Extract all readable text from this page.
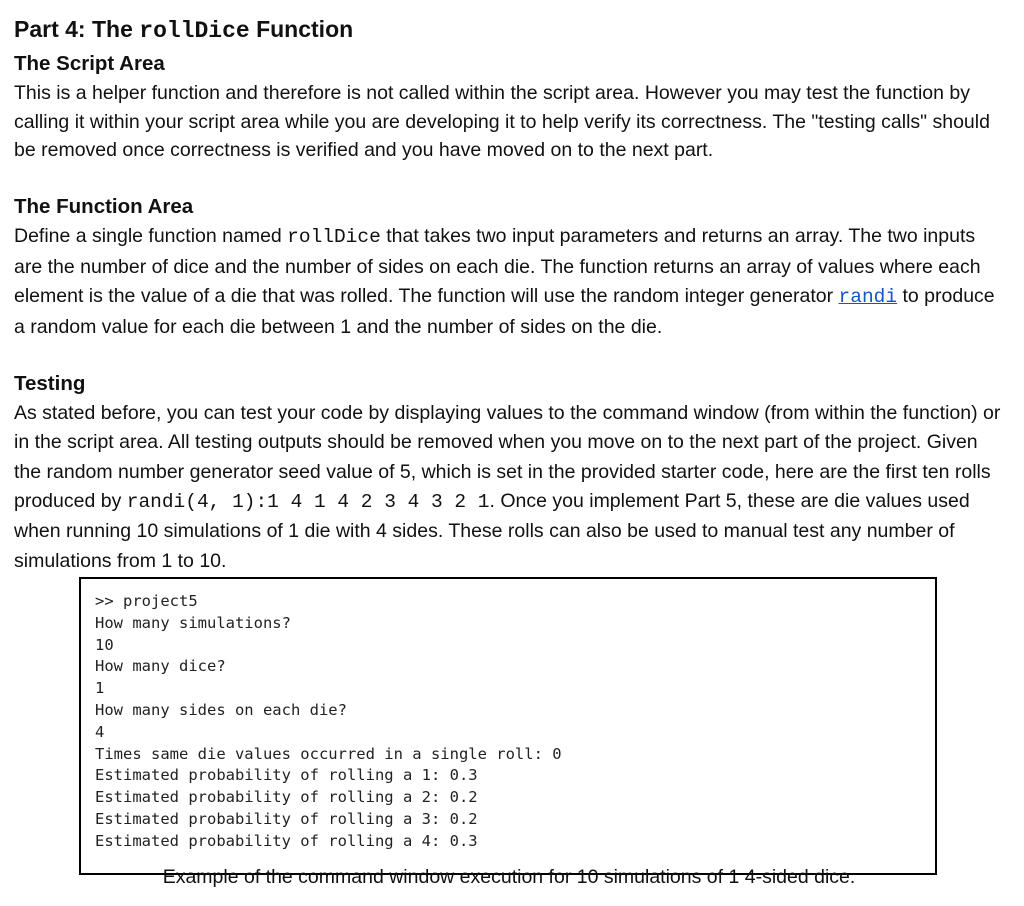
Part 4: The rollDice Function
The Script Area

This is a helper function and therefore is not called within the script area. However you may test the function by calling it within your script area while you are developing it to help verify its correctness. The "testing calls" should be removed once correctness is verified and you have moved on to the next part.

The Function Area

Define a single function named rollDice that takes two input parameters and returns an array. The two inputs are the number of dice and the number of sides on each die. The function returns an array of values where each element is the value of a die that was rolled. The function will use the random integer generator randi to produce a random value for each die between 1 and the number of sides on the die.

Testing

As stated before, you can test your code by displaying values to the command window (from within the function) or in the script area. All testing outputs should be removed when you move on to the next part of the project. Given the random number generator seed value of 5, which is set in the provided starter code, here are the first ten rolls produced by randi(4, 1):1 4 1 4 2 3 4 3 2 1. Once you implement Part 5, these are die values used when running 10 simulations of 1 die with 4 sides. These rolls can also be used to manual test any number of simulations from 1 to 10.

>> project5
How many simulations?
10
How many dice?
1
How many sides on each die?
4
Times same die values occurred in a single roll: 0
Estimated probability of rolling a 1: 0.3
Estimated probability of rolling a 2: 0.2
Estimated probability of rolling a 3: 0.2
Estimated probability of rolling a 4: 0.3
Example of the command window execution for 10 simulations of 1 4-sided dice.
